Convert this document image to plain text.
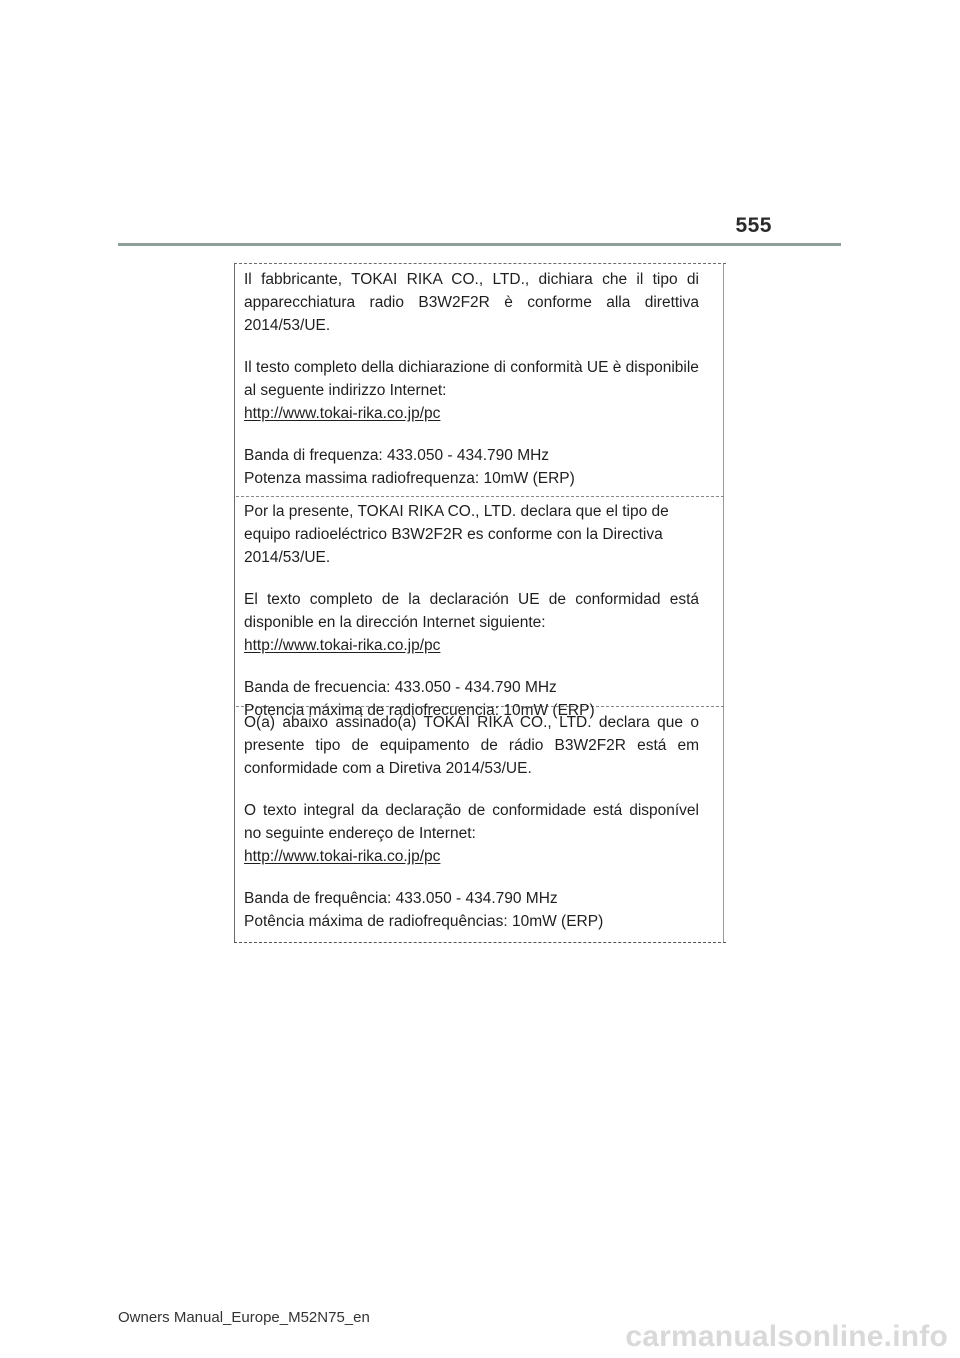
555

Il fabbricante, TOKAI RIKA CO., LTD., dichiara che il tipo di apparecchiatura radio B3W2F2R è conforme alla direttiva 2014/53/UE.

Il testo completo della dichiarazione di conformità UE è disponibile al seguente indirizzo Internet:

http://www.tokai-rika.co.jp/pc

Banda di frequenza: 433.050 - 434.790 MHz

Potenza massima radiofrequenza: 10mW (ERP)

Por la presente, TOKAI RIKA CO., LTD. declara que el tipo de equipo radioeléctrico B3W2F2R es conforme con la Directiva 2014/53/UE.

El texto completo de la declaración UE de conformidad está disponible en la dirección Internet siguiente:

http://www.tokai-rika.co.jp/pc

Banda de frecuencia: 433.050 - 434.790 MHz

Potencia máxima de radiofrecuencia: 10mW (ERP)

O(a) abaixo assinado(a) TOKAI RIKA CO., LTD. declara que o presente tipo de equipamento de rádio B3W2F2R está em conformidade com a Diretiva 2014/53/UE.

O texto integral da declaração de conformidade está disponível no seguinte endereço de Internet:

http://www.tokai-rika.co.jp/pc

Banda de frequência: 433.050 - 434.790 MHz

Potência máxima de radiofrequências: 10mW (ERP)

Owners Manual_Europe_M52N75_en
carmanualsonline.info
